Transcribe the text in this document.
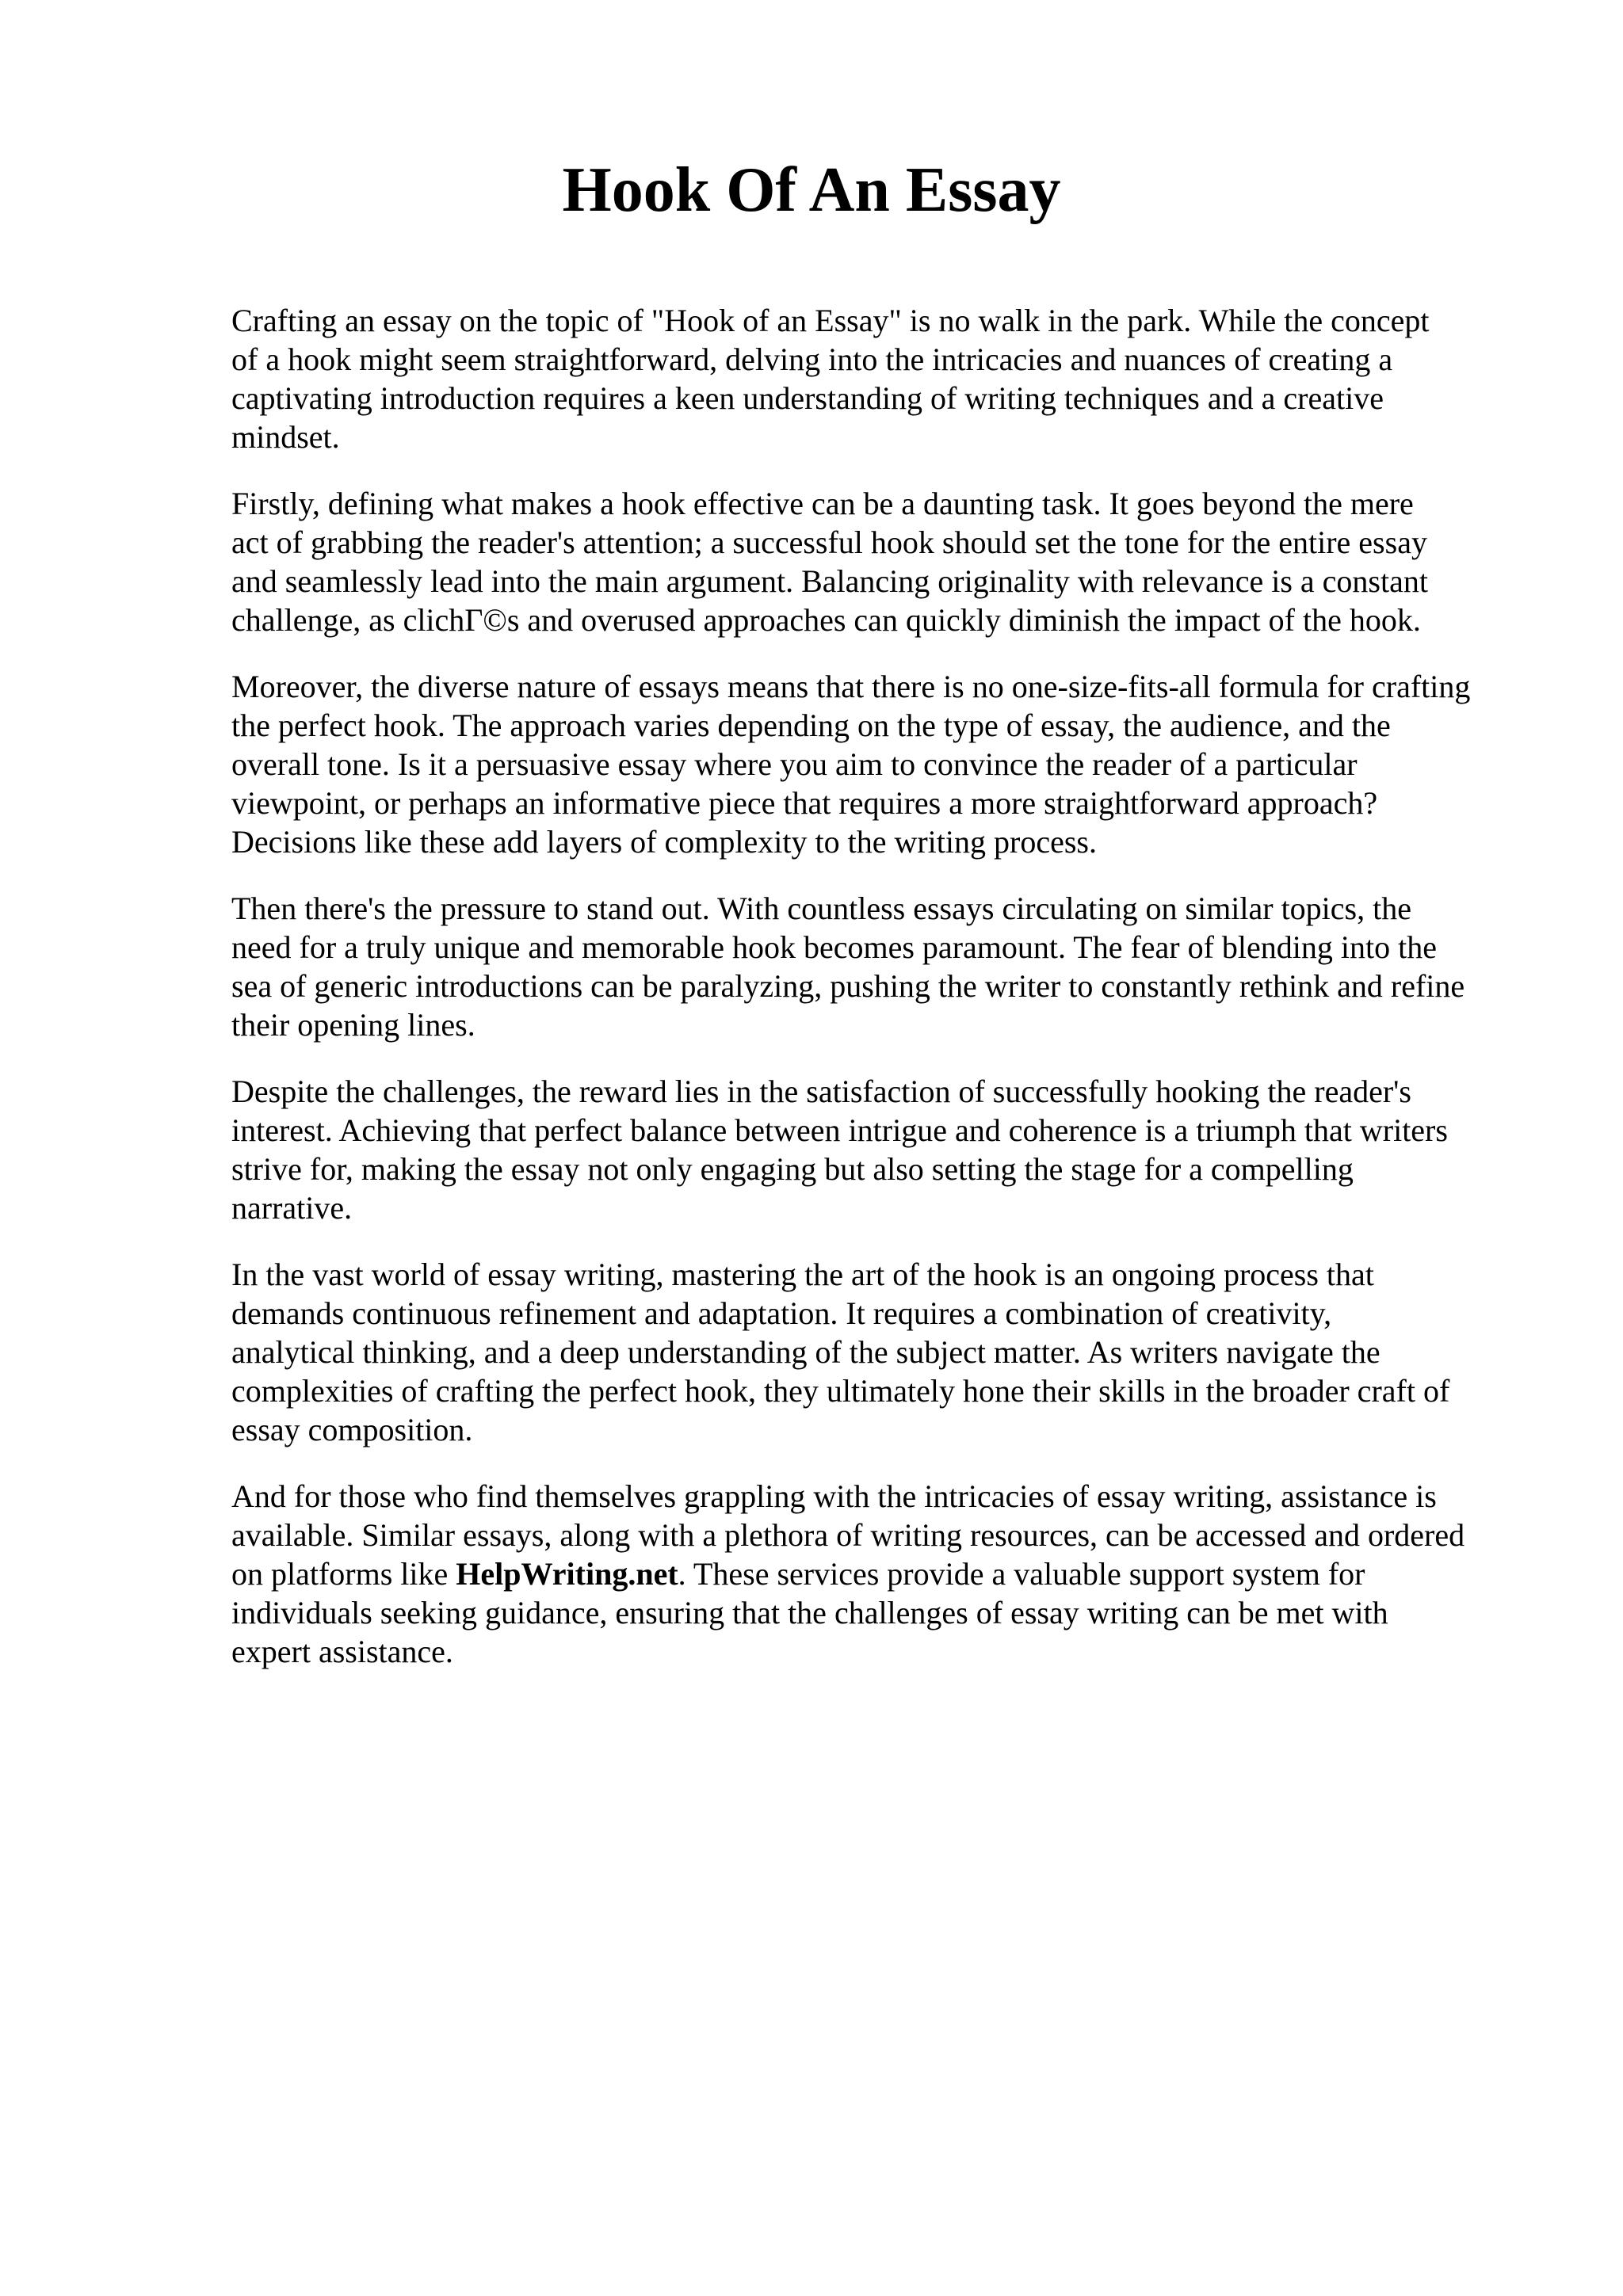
Hook Of An Essay

Crafting an essay on the topic of "Hook of an Essay" is no walk in the park. While the concept
of a hook might seem straightforward, delving into the intricacies and nuances of creating a
captivating introduction requires a keen understanding of writing techniques and a creative
mindset.

Firstly, defining what makes a hook effective can be a daunting task. It goes beyond the mere
act of grabbing the reader's attention; a successful hook should set the tone for the entire essay
and seamlessly lead into the main argument. Balancing originality with relevance is a constant
challenge, as clichГ©s and overused approaches can quickly diminish the impact of the hook.

Moreover, the diverse nature of essays means that there is no one-size-fits-all formula for crafting
the perfect hook. The approach varies depending on the type of essay, the audience, and the
overall tone. Is it a persuasive essay where you aim to convince the reader of a particular
viewpoint, or perhaps an informative piece that requires a more straightforward approach?
Decisions like these add layers of complexity to the writing process.

Then there's the pressure to stand out. With countless essays circulating on similar topics, the
need for a truly unique and memorable hook becomes paramount. The fear of blending into the
sea of generic introductions can be paralyzing, pushing the writer to constantly rethink and refine
their opening lines.

Despite the challenges, the reward lies in the satisfaction of successfully hooking the reader's
interest. Achieving that perfect balance between intrigue and coherence is a triumph that writers
strive for, making the essay not only engaging but also setting the stage for a compelling
narrative.

In the vast world of essay writing, mastering the art of the hook is an ongoing process that
demands continuous refinement and adaptation. It requires a combination of creativity,
analytical thinking, and a deep understanding of the subject matter. As writers navigate the
complexities of crafting the perfect hook, they ultimately hone their skills in the broader craft of
essay composition.

And for those who find themselves grappling with the intricacies of essay writing, assistance is
available. Similar essays, along with a plethora of writing resources, can be accessed and ordered
on platforms like HelpWriting.net. These services provide a valuable support system for
individuals seeking guidance, ensuring that the challenges of essay writing can be met with
expert assistance.
